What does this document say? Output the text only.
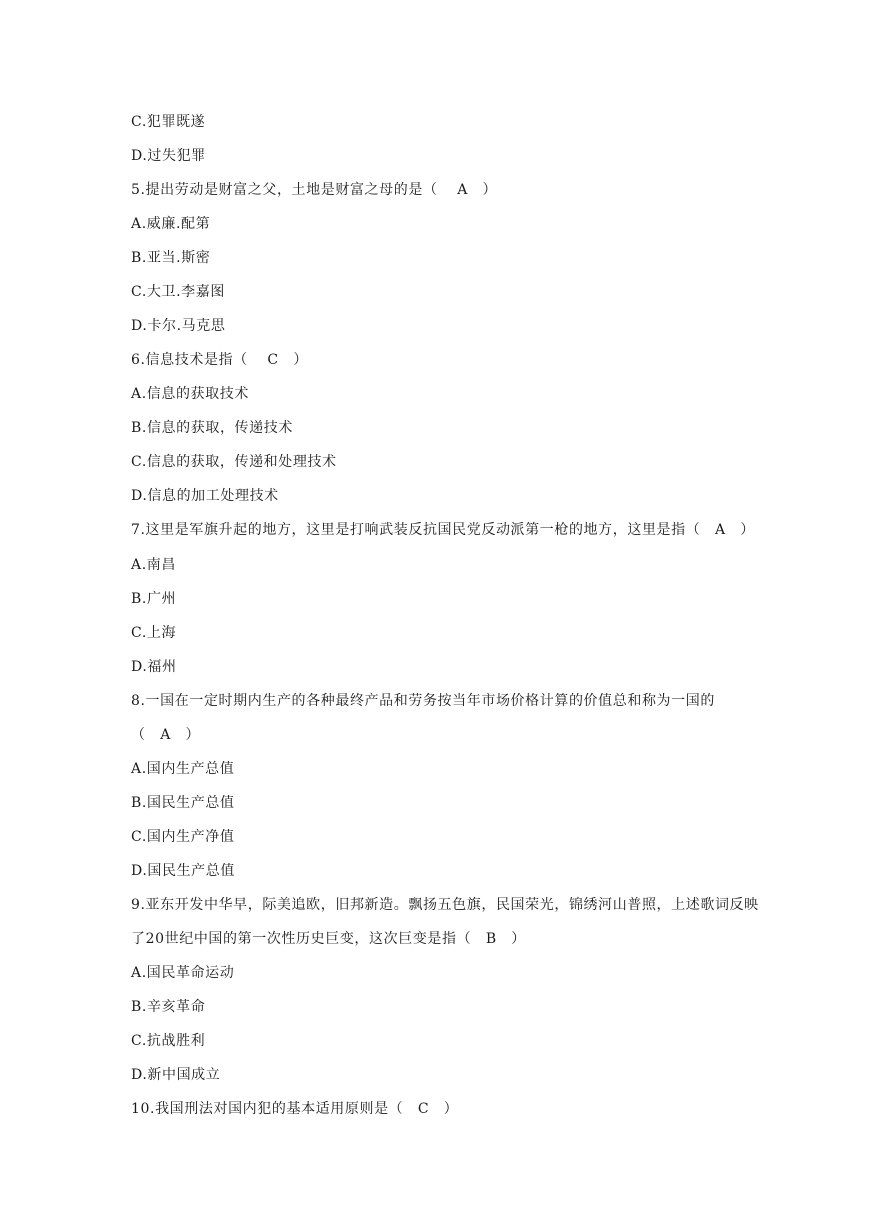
C.犯罪既遂
D.过失犯罪
5.提出劳动是财富之父，土地是财富之母的是（　 A　）
A.威廉.配第
B.亚当.斯密
C.大卫.李嘉图
D.卡尔.马克思
6.信息技术是指（　 C　）
A.信息的获取技术
B.信息的获取，传递技术
C.信息的获取，传递和处理技术
D.信息的加工处理技术
7.这里是军旗升起的地方，这里是打响武装反抗国民党反动派第一枪的地方，这里是指（　A　）
A.南昌
B.广州
C.上海
D.福州
8.一国在一定时期内生产的各种最终产品和劳务按当年市场价格计算的价值总和称为一国的
（　A　）
A.国内生产总值
B.国民生产总值
C.国内生产净值
D.国民生产总值
9.亚东开发中华早，际美追欧，旧邦新造。飘扬五色旗，民国荣光，锦绣河山普照，上述歌词反映
了20世纪中国的第一次性历史巨变，这次巨变是指（　B　）
A.国民革命运动
B.辛亥革命
C.抗战胜利
D.新中国成立
10.我国刑法对国内犯的基本适用原则是（　C　）
